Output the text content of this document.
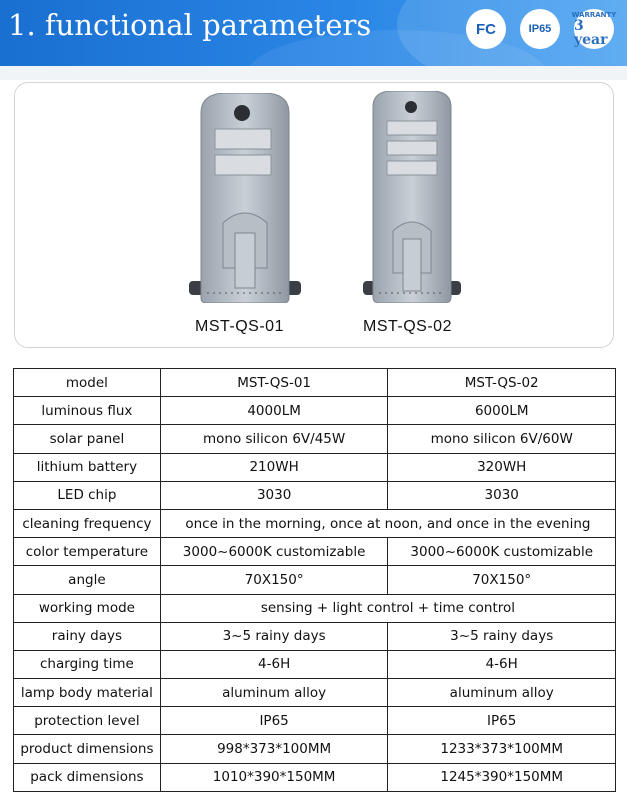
1. functional parameters	FC	IP65
WARRANTY
3 year
MST-QS-01	MST-QS-02
model	MST-QS-01	MST-QS-02
luminous flux	4000LM	6000LM
solar panel	mono silicon 6V/45W	mono silicon 6V/60W
lithium battery	210WH	320WH
LED chip	3030	3030
cleaning frequency	once in the morning, once at noon, and once in the evening	
color temperature	3000~6000K customizable	3000~6000K customizable
angle	70X150°	70X150°
working mode	sensing + light control + time control	
rainy days	3~5 rainy days	3~5 rainy days
charging time	4-6H	4-6H
lamp body material	aluminum alloy	aluminum alloy
protection level	IP65	IP65
product dimensions	998*373*100MM	1233*373*100MM
pack dimensions	1010*390*150MM	1245*390*150MM
